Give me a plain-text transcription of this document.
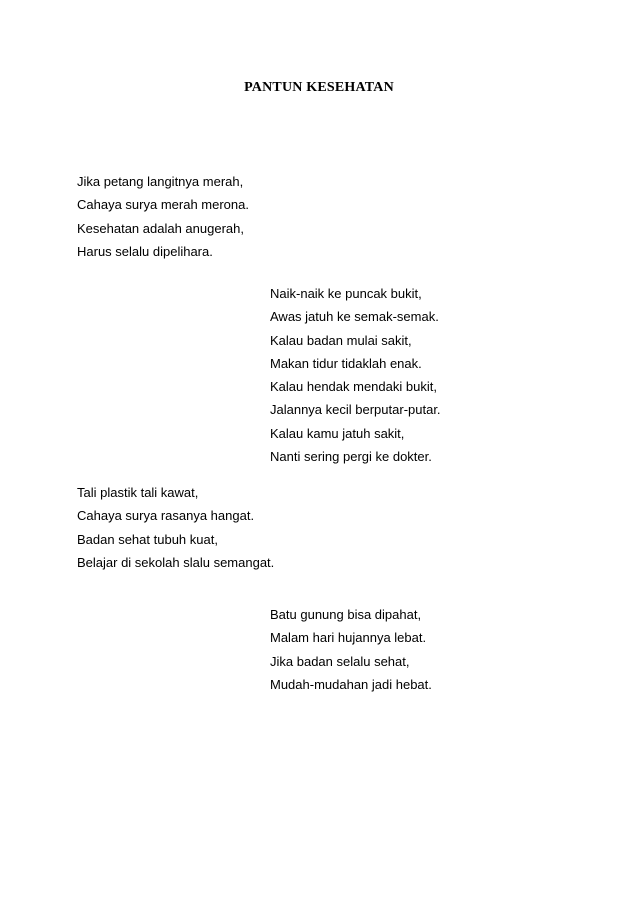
PANTUN KESEHATAN
Jika petang langitnya merah,
Cahaya surya merah merona.
Kesehatan adalah anugerah,
Harus selalu dipelihara.
Naik-naik ke puncak bukit,
Awas jatuh ke semak-semak.
Kalau badan mulai sakit,
Makan tidur tidaklah enak.
Kalau hendak mendaki bukit,
Jalannya kecil berputar-putar.
Kalau kamu jatuh sakit,
Nanti sering pergi ke dokter.
Tali plastik tali kawat,
Cahaya surya rasanya hangat.
Badan sehat tubuh kuat,
Belajar di sekolah slalu semangat.
Batu gunung bisa dipahat,
Malam hari hujannya lebat.
Jika badan selalu sehat,
Mudah-mudahan jadi hebat.
